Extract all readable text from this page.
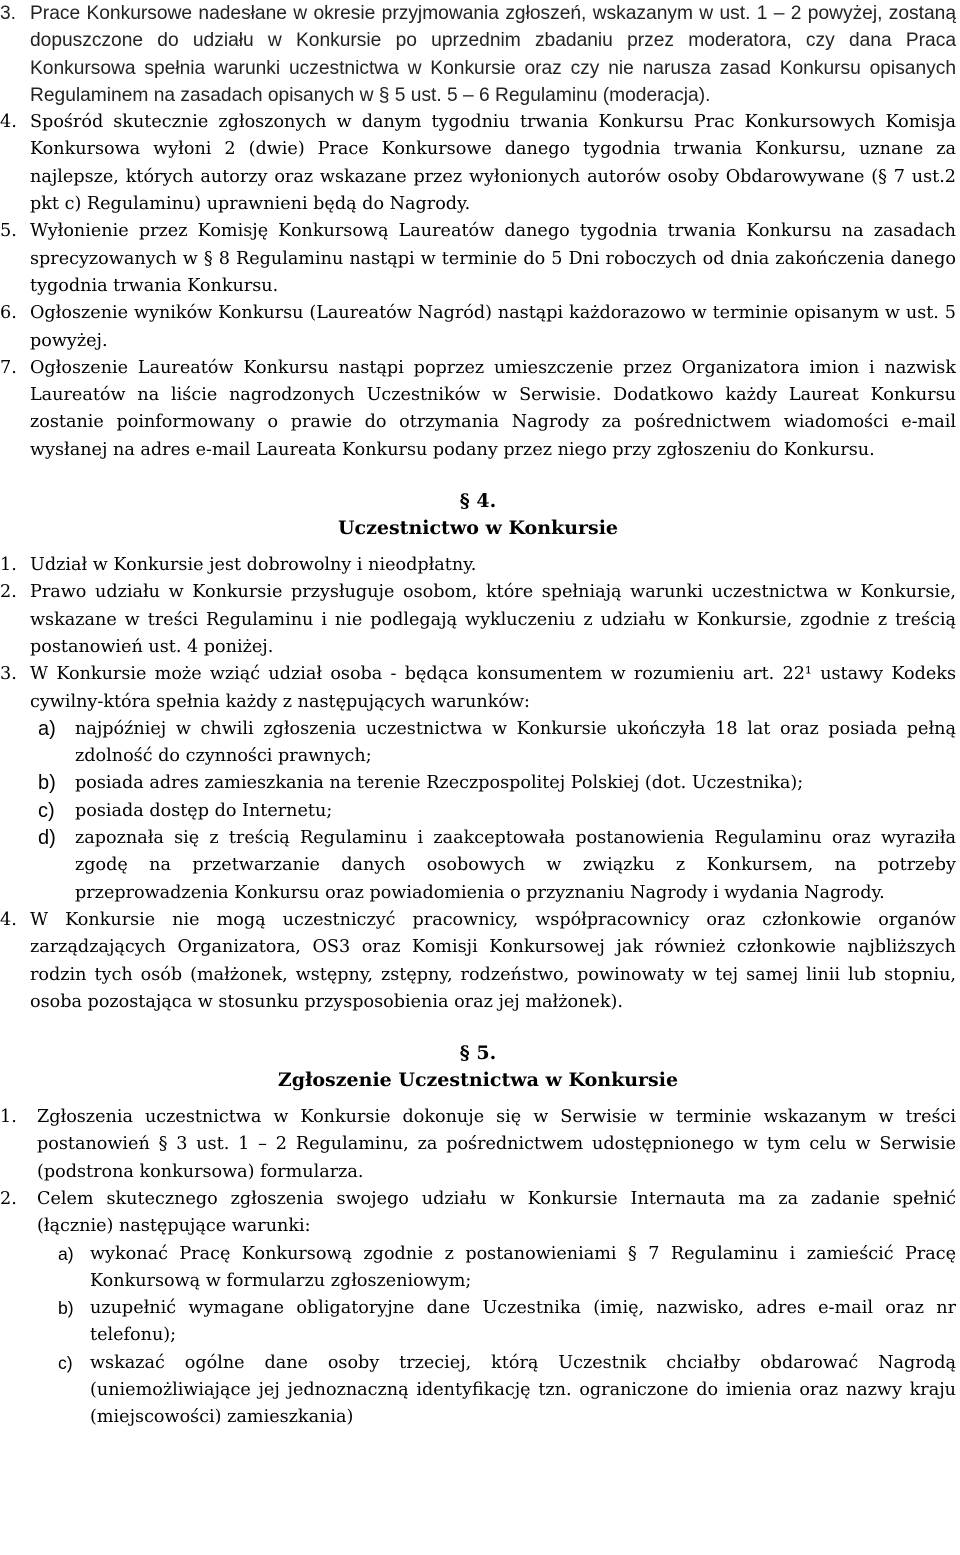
3. Prace Konkursowe nadesłane w okresie przyjmowania zgłoszeń, wskazanym w ust. 1 – 2 powyżej, zostaną dopuszczone do udziału w Konkursie po uprzednim zbadaniu przez moderatora, czy dana Praca Konkursowa spełnia warunki uczestnictwa w Konkursie oraz czy nie narusza zasad Konkursu opisanych Regulaminem na zasadach opisanych w § 5 ust. 5 – 6 Regulaminu (moderacja).
4. Spośród skutecznie zgłoszonych w danym tygodniu trwania Konkursu Prac Konkursowych Komisja Konkursowa wyłoni 2 (dwie) Prace Konkursowe danego tygodnia trwania Konkursu, uznane za najlepsze, których autorzy oraz wskazane przez wyłonionych autorów osoby Obdarowywane (§ 7 ust.2 pkt c) Regulaminu) uprawnieni będą do Nagrody.
5. Wyłonienie przez Komisję Konkursową Laureatów danego tygodnia trwania Konkursu na zasadach sprecyzowanych w § 8 Regulaminu nastąpi w terminie do 5 Dni roboczych od dnia zakończenia danego tygodnia trwania Konkursu.
6. Ogłoszenie wyników Konkursu (Laureatów Nagród) nastąpi każdorazowo w terminie opisanym w ust. 5 powyżej.
7. Ogłoszenie Laureatów Konkursu nastąpi poprzez umieszczenie przez Organizatora imion i nazwisk Laureatów na liście nagrodzonych Uczestników w Serwisie. Dodatkowo każdy Laureat Konkursu zostanie poinformowany o prawie do otrzymania Nagrody za pośrednictwem wiadomości e-mail wysłanej na adres e-mail Laureata Konkursu podany przez niego przy zgłoszeniu do Konkursu.
§ 4.
Uczestnictwo w Konkursie
1. Udział w Konkursie jest dobrowolny i nieodpłatny.
2. Prawo udziału w Konkursie przysługuje osobom, które spełniają warunki uczestnictwa w Konkursie, wskazane w treści Regulaminu i nie podlegają wykluczeniu z udziału w Konkursie, zgodnie z treścią postanowień ust. 4 poniżej.
3. W Konkursie może wziąć udział osoba - będąca konsumentem w rozumieniu art. 22¹ ustawy Kodeks cywilny-która spełnia każdy z następujących warunków:
a)	najpóźniej w chwili zgłoszenia uczestnictwa w Konkursie ukończyła 18 lat oraz posiada pełną zdolność do czynności prawnych;
b)	posiada adres zamieszkania na terenie Rzeczpospolitej Polskiej (dot. Uczestnika);
c)	posiada dostęp do Internetu;
d)	zapoznała się z treścią Regulaminu i zaakceptowała postanowienia Regulaminu oraz wyraziła zgodę na przetwarzanie danych osobowych w związku z Konkursem, na potrzeby przeprowadzenia Konkursu oraz powiadomienia o przyznaniu Nagrody i wydania Nagrody.
4. W Konkursie nie mogą uczestniczyć pracownicy, współpracownicy oraz członkowie organów zarządzających Organizatora, OS3 oraz Komisji Konkursowej jak również członkowie najbliższych rodzin tych osób (małżonek, wstępny, zstępny, rodzeństwo, powinowaty w tej samej linii lub stopniu, osoba pozostająca w stosunku przysposobienia oraz jej małżonek).
§ 5.
Zgłoszenie Uczestnictwa w Konkursie
1.	Zgłoszenia uczestnictwa w Konkursie dokonuje się w Serwisie w terminie wskazanym w treści postanowień § 3 ust. 1 – 2 Regulaminu, za pośrednictwem udostępnionego w tym celu w Serwisie (podstrona konkursowa) formularza.
2.	Celem skutecznego zgłoszenia swojego udziału w Konkursie Internauta ma za zadanie spełnić (łącznie) następujące warunki:
a) wykonać Pracę Konkursową zgodnie z postanowieniami § 7 Regulaminu i zamieścić Pracę Konkursową w formularzu zgłoszeniowym;
b) uzupełnić wymagane obligatoryjne dane Uczestnika (imię, nazwisko, adres e-mail oraz nr telefonu);
c) wskazać ogólne dane osoby trzeciej, którą Uczestnik chciałby obdarować Nagrodą (uniemożliwiające jej jednoznaczną identyfikację tzn. ograniczone do imienia oraz nazwy kraju (miejscowości) zamieszkania)
